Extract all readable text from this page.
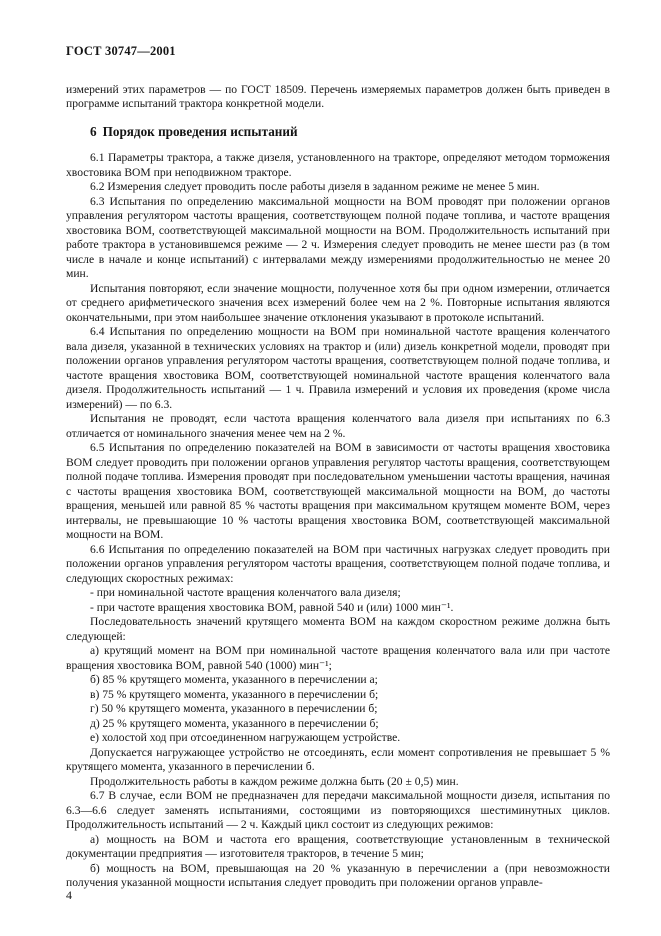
ГОСТ 30747—2001

измерений этих параметров — по ГОСТ 18509. Перечень измеряемых параметров должен быть приведен в программе испытаний трактора конкретной модели.

6 Порядок проведения испытаний

6.1 Параметры трактора, а также дизеля, установленного на тракторе, определяют методом торможения хвостовика ВОМ при неподвижном тракторе.

6.2 Измерения следует проводить после работы дизеля в заданном режиме не менее 5 мин.

6.3 Испытания по определению максимальной мощности на ВОМ проводят при положении органов управления регулятором частоты вращения, соответствующем полной подаче топлива, и частоте вращения хвостовика ВОМ, соответствующей максимальной мощности на ВОМ. Продолжительность испытаний при работе трактора в установившемся режиме — 2 ч. Измерения следует проводить не менее шести раз (в том числе в начале и конце испытаний) с интервалами между измерениями продолжительностью не менее 20 мин.

Испытания повторяют, если значение мощности, полученное хотя бы при одном измерении, отличается от среднего арифметического значения всех измерений более чем на 2 %. Повторные испытания являются окончательными, при этом наибольшее значение отклонения указывают в протоколе испытаний.

6.4 Испытания по определению мощности на ВОМ при номинальной частоте вращения коленчатого вала дизеля, указанной в технических условиях на трактор и (или) дизель конкретной модели, проводят при положении органов управления регулятором частоты вращения, соответствующем полной подаче топлива, и частоте вращения хвостовика ВОМ, соответствующей номинальной частоте вращения коленчатого вала дизеля. Продолжительность испытаний — 1 ч. Правила измерений и условия их проведения (кроме числа измерений) — по 6.3.

Испытания не проводят, если частота вращения коленчатого вала дизеля при испытаниях по 6.3 отличается от номинального значения менее чем на 2 %.

6.5 Испытания по определению показателей на ВОМ в зависимости от частоты вращения хвостовика ВОМ следует проводить при положении органов управления регулятор частоты вращения, соответствующем полной подаче топлива. Измерения проводят при последовательном уменьшении частоты вращения, начиная с частоты вращения хвостовика ВОМ, соответствующей максимальной мощности на ВОМ, до частоты вращения, меньшей или равной 85 % частоты вращения при максимальном крутящем моменте ВОМ, через интервалы, не превышающие 10 % частоты вращения хвостовика ВОМ, соответствующей максимальной мощности на ВОМ.

6.6 Испытания по определению показателей на ВОМ при частичных нагрузках следует проводить при положении органов управления регулятором частоты вращения, соответствующем полной подаче топлива, и следующих скоростных режимах:

- при номинальной частоте вращения коленчатого вала дизеля;

- при частоте вращения хвостовика ВОМ, равной 540 и (или) 1000 мин⁻¹.

Последовательность значений крутящего момента ВОМ на каждом скоростном режиме должна быть следующей:

а) крутящий момент на ВОМ при номинальной частоте вращения коленчатого вала или при частоте вращения хвостовика ВОМ, равной 540 (1000) мин⁻¹;

б) 85 % крутящего момента, указанного в перечислении а;

в) 75 % крутящего момента, указанного в перечислении б;

г) 50 % крутящего момента, указанного в перечислении б;

д) 25 % крутящего момента, указанного в перечислении б;

е) холостой ход при отсоединенном нагружающем устройстве.

Допускается нагружающее устройство не отсоединять, если момент сопротивления не превышает 5 % крутящего момента, указанного в перечислении б.

Продолжительность работы в каждом режиме должна быть (20 ± 0,5) мин.

6.7 В случае, если ВОМ не предназначен для передачи максимальной мощности дизеля, испытания по 6.3—6.6 следует заменять испытаниями, состоящими из повторяющихся шестиминутных циклов. Продолжительность испытаний — 2 ч. Каждый цикл состоит из следующих режимов:

а) мощность на ВОМ и частота его вращения, соответствующие установленным в технической документации предприятия — изготовителя тракторов, в течение 5 мин;

б) мощность на ВОМ, превышающая на 20 % указанную в перечислении а (при невозможности получения указанной мощности испытания следует проводить при положении органов управле-

4
